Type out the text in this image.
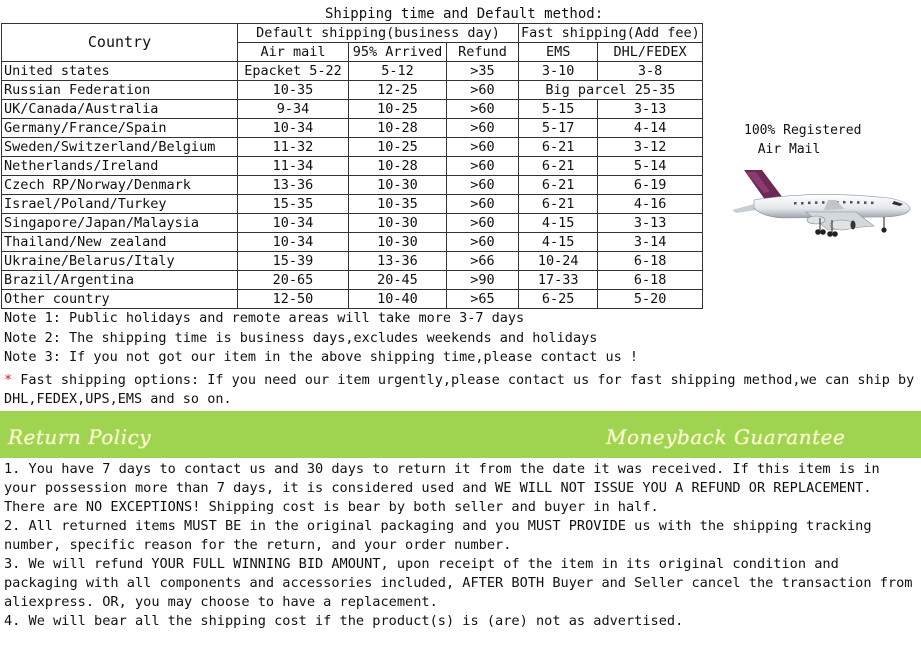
Shipping time and Default method:
Country	Default shipping(business day)			Fast shipping(Add fee)	
	Air mail	95% Arrived	Refund	EMS	DHL/FEDEX
United states	Epacket 5-22	5-12	>35	3-10	3-8
Russian Federation	10-35	12-25	>60	Big parcel 25-35	
UK/Canada/Australia	9-34	10-25	>60	5-15	3-13
Germany/France/Spain	10-34	10-28	>60	5-17	4-14
Sweden/Switzerland/Belgium	11-32	10-25	>60	6-21	3-12
Netherlands/Ireland	11-34	10-28	>60	6-21	5-14
Czech RP/Norway/Denmark	13-36	10-30	>60	6-21	6-19
Israel/Poland/Turkey	15-35	10-35	>60	6-21	4-16
Singapore/Japan/Malaysia	10-34	10-30	>60	4-15	3-13
Thailand/New zealand	10-34	10-30	>60	4-15	3-14
Ukraine/Belarus/Italy	15-39	13-36	>66	10-24	6-18
Brazil/Argentina	20-65	20-45	>90	17-33	6-18
Other country	12-50	10-40	>65	6-25	5-20
Note 1: Public holidays and remote areas will take more 3-7 days
Note 2: The shipping time is business days,excludes weekends and holidays
Note 3: If you not got our item in the above shipping time,please contact us !
* Fast shipping options: If you need our item urgently,please contact us for fast shipping method,we can ship by DHL,FEDEX,UPS,EMS and so on.
100% Registered
Air Mail
Return Policy	Moneyback Guarantee

1. You have 7 days to contact us and 30 days to return it from the date it was received. If this item is in your possession more than 7 days, it is considered used and WE WILL NOT ISSUE YOU A REFUND OR REPLACEMENT. There are NO EXCEPTIONS! Shipping cost is bear by both seller and buyer in half.

2. All returned items MUST BE in the original packaging and you MUST PROVIDE us with the shipping tracking number, specific reason for the return, and your order number.

3. We will refund YOUR FULL WINNING BID AMOUNT, upon receipt of the item in its original condition and packaging with all components and accessories included, AFTER BOTH Buyer and Seller cancel the transaction from aliexpress. OR, you may choose to have a replacement.

4. We will bear all the shipping cost if the product(s) is (are) not as advertised.
